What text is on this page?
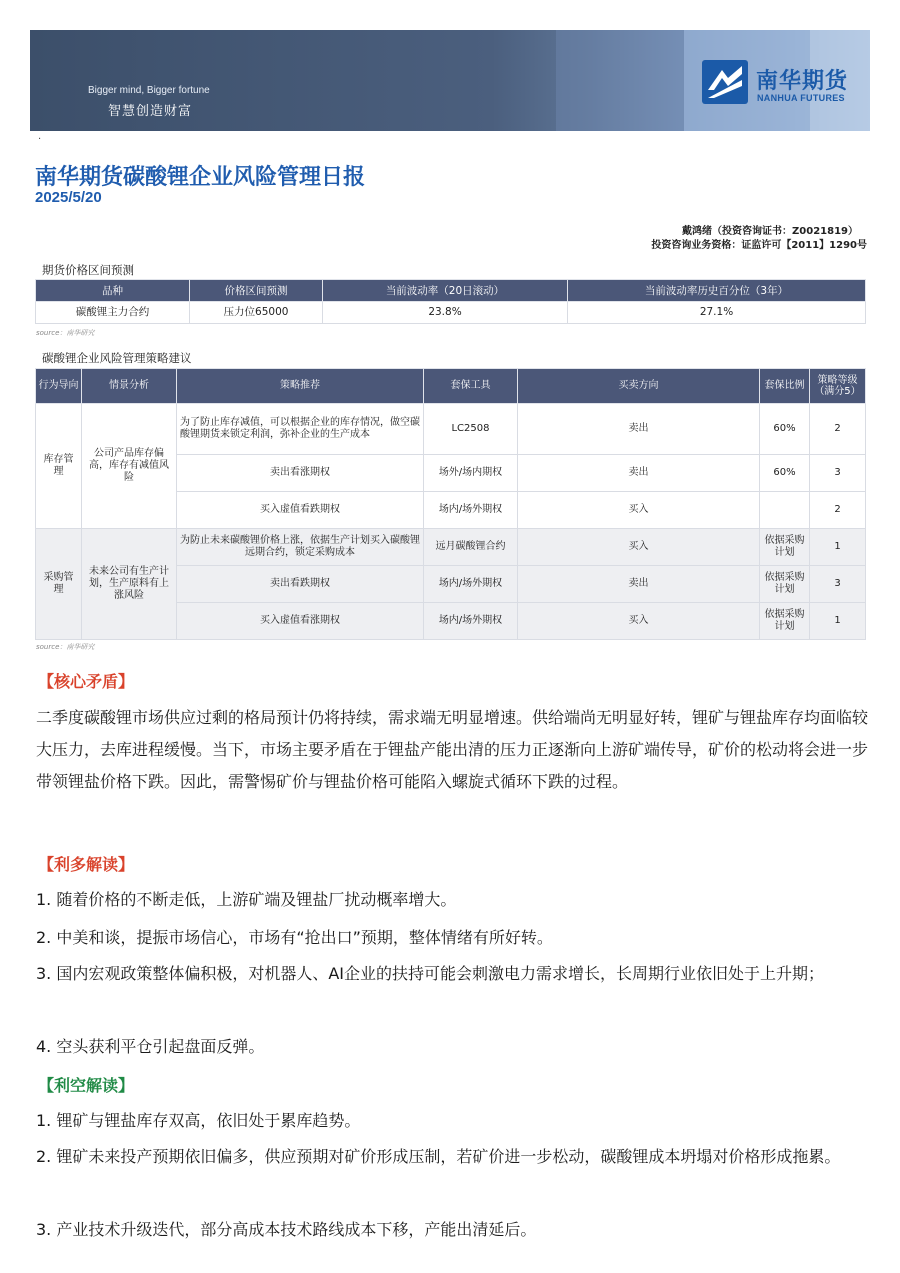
Bigger mind, Bigger fortune
智慧创造财富
南华期货
NANHUA FUTURES
·
南华期货碳酸锂企业风险管理日报
2025/5/20
戴鸿绪（投资咨询证书：Z0021819）
投资咨询业务资格：证监许可【2011】1290号
期货价格区间预测
品种	价格区间预测	当前波动率（20日滚动）	当前波动率历史百分位（3年）
碳酸锂主力合约	压力位65000	23.8%	27.1%
source：南华研究
碳酸锂企业风险管理策略建议
行为导向	情景分析	策略推荐	套保工具	买卖方向	套保比例	策略等级（满分5）
库存管理	公司产品库存偏高，库存有减值风险	为了防止库存减值，可以根据企业的库存情况，做空碳酸锂期货来锁定利润，弥补企业的生产成本	LC2508	卖出	60%	2
		卖出看涨期权	场外/场内期权	卖出	60%	3
		买入虚值看跌期权	场内/场外期权	买入		2
采购管理	未来公司有生产计划，生产原料有上涨风险	为防止未来碳酸锂价格上涨，依据生产计划买入碳酸锂远期合约，锁定采购成本	远月碳酸锂合约	买入	依据采购计划	1
		卖出看跌期权	场内/场外期权	卖出	依据采购计划	3
		买入虚值看涨期权	场内/场外期权	买入	依据采购计划	1
source：南华研究
【核心矛盾】
二季度碳酸锂市场供应过剩的格局预计仍将持续，需求端无明显增速。供给端尚无明显好转，锂矿与锂盐库存均面临较大压力，去库进程缓慢。当下，市场主要矛盾在于锂盐产能出清的压力正逐渐向上游矿端传导，矿价的松动将会进一步带领锂盐价格下跌。因此，需警惕矿价与锂盐价格可能陷入螺旋式循环下跌的过程。
【利多解读】
1. 随着价格的不断走低，上游矿端及锂盐厂扰动概率增大。
2. 中美和谈，提振市场信心，市场有“抢出口”预期，整体情绪有所好转。
3. 国内宏观政策整体偏积极，对机器人、AI企业的扶持可能会刺激电力需求增长，长周期行业依旧处于上升期；
4. 空头获利平仓引起盘面反弹。
【利空解读】
1. 锂矿与锂盐库存双高，依旧处于累库趋势。
2. 锂矿未来投产预期依旧偏多，供应预期对矿价形成压制，若矿价进一步松动，碳酸锂成本坍塌对价格形成拖累。
3. 产业技术升级迭代，部分高成本技术路线成本下移，产能出清延后。
